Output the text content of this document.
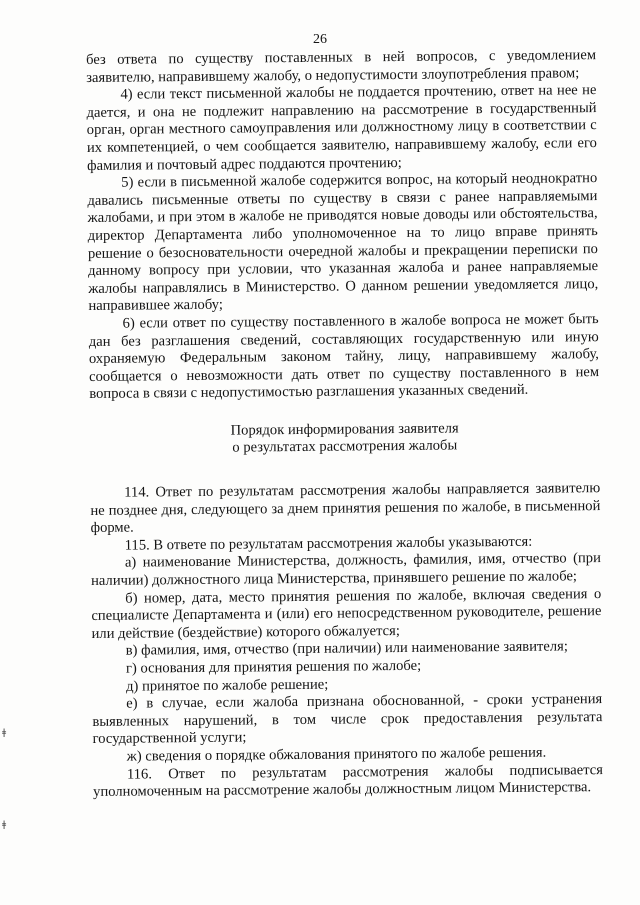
26

без ответа по существу поставленных в ней вопросов, с уведомлением заявителю, направившему жалобу, о недопустимости злоупотребления правом;

4) если текст письменной жалобы не поддается прочтению, ответ на нее не дается, и она не подлежит направлению на рассмотрение в государственный орган, орган местного самоуправления или должностному лицу в соответствии с их компетенцией, о чем сообщается заявителю, направившему жалобу, если его фамилия и почтовый адрес поддаются прочтению;

5) если в письменной жалобе содержится вопрос, на который неоднократно давались письменные ответы по существу в связи с ранее направляемыми жалобами, и при этом в жалобе не приводятся новые доводы или обстоятельства, директор Департамента либо уполномоченное на то лицо вправе принять решение о безосновательности очередной жалобы и прекращении переписки по данному вопросу при условии, что указанная жалоба и ранее направляемые жалобы направлялись в Министерство. О данном решении уведомляется лицо, направившее жалобу;

6) если ответ по существу поставленного в жалобе вопроса не может быть дан без разглашения сведений, составляющих государственную или иную охраняемую Федеральным законом тайну, лицу, направившему жалобу, сообщается о невозможности дать ответ по существу поставленного в нем вопроса в связи с недопустимостью разглашения указанных сведений.

Порядок информирования заявителя
о результатах рассмотрения жалобы

114. Ответ по результатам рассмотрения жалобы направляется заявителю не позднее дня, следующего за днем принятия решения по жалобе, в письменной форме.

115. В ответе по результатам рассмотрения жалобы указываются:

а) наименование Министерства, должность, фамилия, имя, отчество (при наличии) должностного лица Министерства, принявшего решение по жалобе;

б) номер, дата, место принятия решения по жалобе, включая сведения о специалисте Департамента и (или) его непосредственном руководителе, решение или действие (бездействие) которого обжалуется;

в) фамилия, имя, отчество (при наличии) или наименование заявителя;

г) основания для принятия решения по жалобе;

д) принятое по жалобе решение;

е) в случае, если жалоба признана обоснованной, - сроки устранения выявленных нарушений, в том числе срок предоставления результата государственной услуги;

ж) сведения о порядке обжалования принятого по жалобе решения.

116. Ответ по результатам рассмотрения жалобы подписывается уполномоченным на рассмотрение жалобы должностным лицом Министерства.

ǂ
ǂ
